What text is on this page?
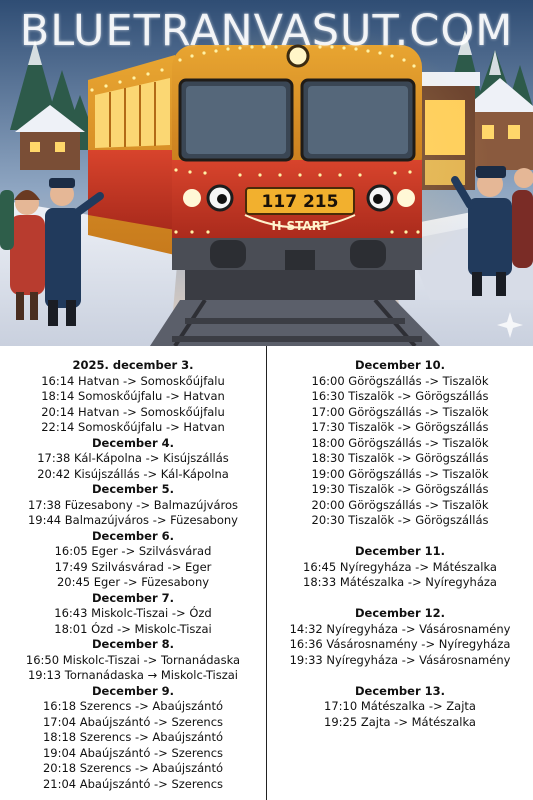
BLUETRANVASUT.COM
117 215
H-START
2025. december 3.
16:14 Hatvan -> Somoskőújfalu
18:14 Somoskőújfalu -> Hatvan
20:14 Hatvan -> Somoskőújfalu
22:14 Somoskőújfalu -> Hatvan
December 4.
17:38 Kál-Kápolna -> Kisújszállás
20:42 Kisújszállás -> Kál-Kápolna
December 5.
17:38 Füzesabony -> Balmazújváros
19:44 Balmazújváros -> Füzesabony
December 6.
16:05 Eger -> Szilvásvárad
17:49 Szilvásvárad -> Eger
20:45 Eger -> Füzesabony
December 7.
16:43 Miskolc-Tiszai -> Ózd
18:01 Ózd -> Miskolc-Tiszai
December 8.
16:50 Miskolc-Tiszai -> Tornanádaska
19:13 Tornanádaska → Miskolc-Tiszai
December 9.
16:18 Szerencs -> Abaújszántó
17:04 Abaújszántó -> Szerencs
18:18 Szerencs -> Abaújszántó
19:04 Abaújszántó -> Szerencs
20:18 Szerencs -> Abaújszántó
21:04 Abaújszántó -> Szerencs
December 10.
16:00 Görögszállás -> Tiszalök
16:30 Tiszalök -> Görögszállás
17:00 Görögszállás -> Tiszalök
17:30 Tiszalök -> Görögszállás
18:00 Görögszállás -> Tiszalök
18:30 Tiszalök -> Görögszállás
19:00 Görögszállás -> Tiszalök
19:30 Tiszalök -> Görögszállás
20:00 Görögszállás -> Tiszalök
20:30 Tiszalök -> Görögszállás
December 11.
16:45 Nyíregyháza -> Mátészalka
18:33 Mátészalka -> Nyíregyháza
December 12.
14:32 Nyíregyháza -> Vásárosnamény
16:36 Vásárosnamény -> Nyíregyháza
19:33 Nyíregyháza -> Vásárosnamény
December 13.
17:10 Mátészalka -> Zajta
19:25 Zajta -> Mátészalka
